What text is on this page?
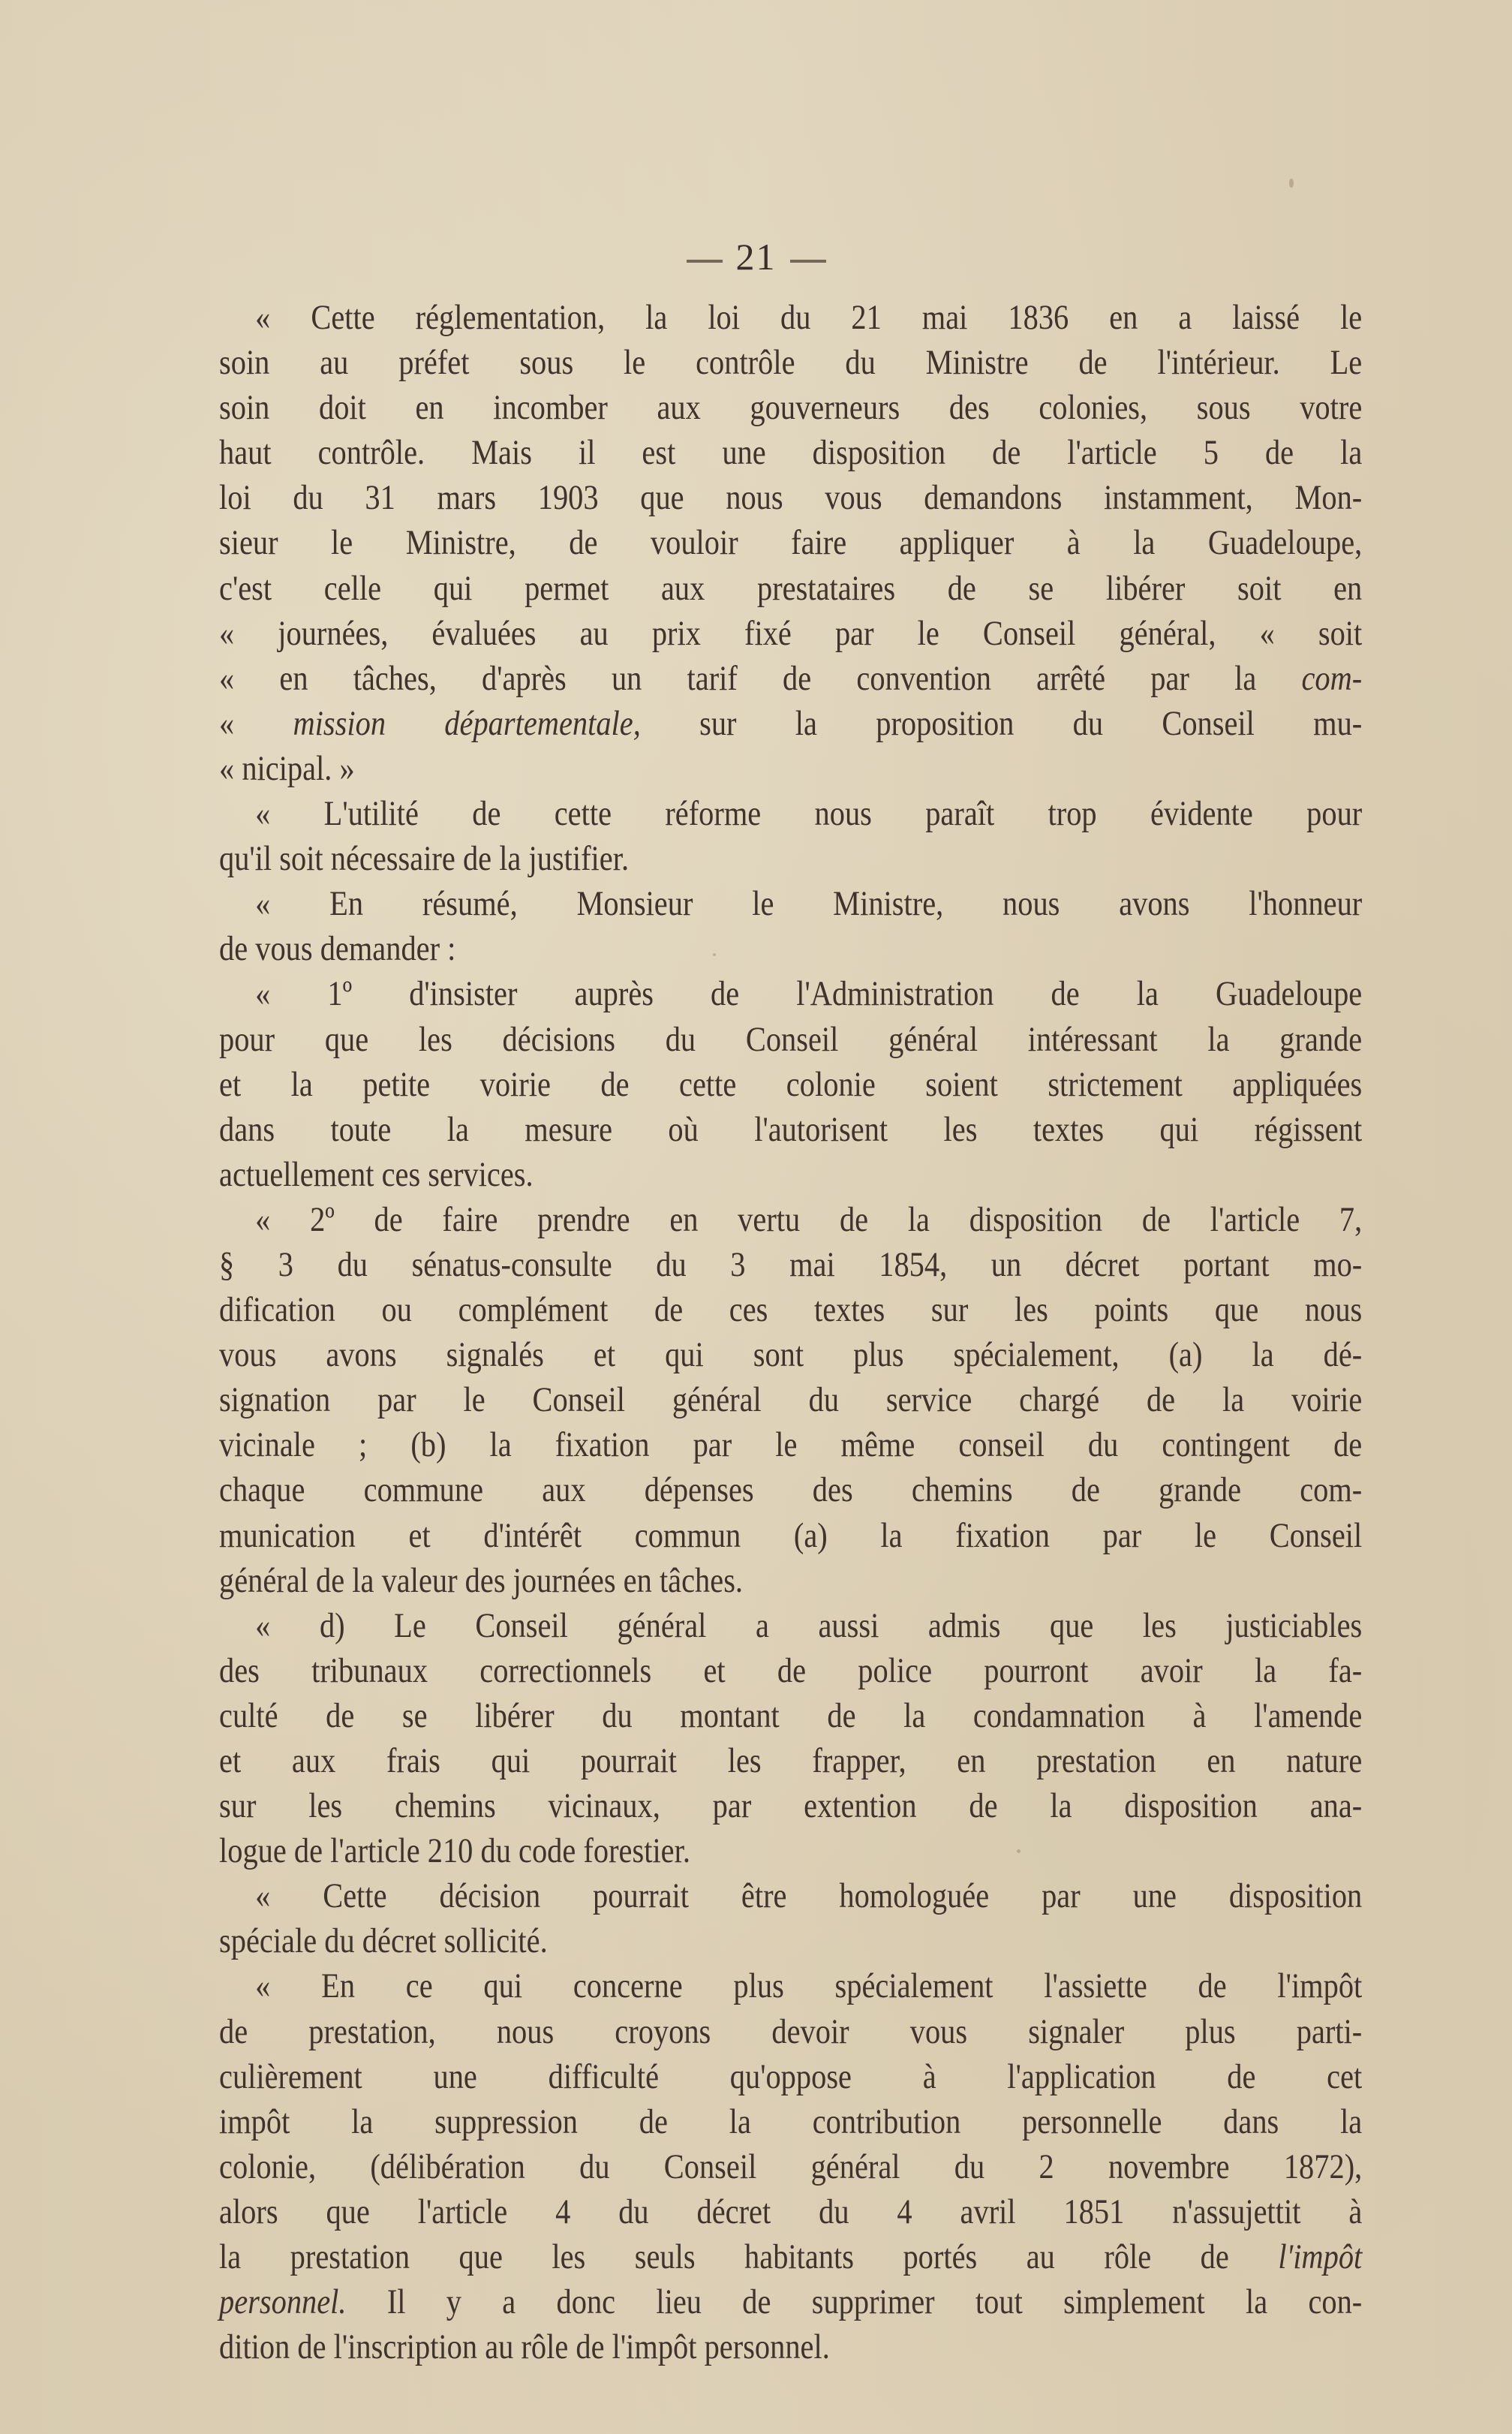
21
« Cette réglementation, la loi du 21 mai 1836 en a laissé le
soin au préfet sous le contrôle du Ministre de l'intérieur. Le
soin doit en incomber aux gouverneurs des colonies, sous votre
haut contrôle. Mais il est une disposition de l'article 5 de la
loi du 31 mars 1903 que nous vous demandons instamment, Mon-
sieur le Ministre, de vouloir faire appliquer à la Guadeloupe,
c'est celle qui permet aux prestataires de se libérer soit en
« journées, évaluées au prix fixé par le Conseil général, « soit
« en tâches, d'après un tarif de convention arrêté par la com-
« mission départementale, sur la proposition du Conseil mu-
« nicipal. »
« L'utilité de cette réforme nous paraît trop évidente pour
qu'il soit nécessaire de la justifier.
« En résumé, Monsieur le Ministre, nous avons l'honneur
de vous demander :
« 1º d'insister auprès de l'Administration de la Guadeloupe
pour que les décisions du Conseil général intéressant la grande
et la petite voirie de cette colonie soient strictement appliquées
dans toute la mesure où l'autorisent les textes qui régissent
actuellement ces services.
« 2º de faire prendre en vertu de la disposition de l'article 7,
§ 3 du sénatus-consulte du 3 mai 1854, un décret portant mo-
dification ou complément de ces textes sur les points que nous
vous avons signalés et qui sont plus spécialement, (a) la dé-
signation par le Conseil général du service chargé de la voirie
vicinale ; (b) la fixation par le même conseil du contingent de
chaque commune aux dépenses des chemins de grande com-
munication et d'intérêt commun (a) la fixation par le Conseil
général de la valeur des journées en tâches.
« d) Le Conseil général a aussi admis que les justiciables
des tribunaux correctionnels et de police pourront avoir la fa-
culté de se libérer du montant de la condamnation à l'amende
et aux frais qui pourrait les frapper, en prestation en nature
sur les chemins vicinaux, par extention de la disposition ana-
logue de l'article 210 du code forestier.
« Cette décision pourrait être homologuée par une disposition
spéciale du décret sollicité.
« En ce qui concerne plus spécialement l'assiette de l'impôt
de prestation, nous croyons devoir vous signaler plus parti-
culièrement une difficulté qu'oppose à l'application de cet
impôt la suppression de la contribution personnelle dans la
colonie, (délibération du Conseil général du 2 novembre 1872),
alors que l'article 4 du décret du 4 avril 1851 n'assujettit à
la prestation que les seuls habitants portés au rôle de l'impôt
personnel. Il y a donc lieu de supprimer tout simplement la con-
dition de l'inscription au rôle de l'impôt personnel.
